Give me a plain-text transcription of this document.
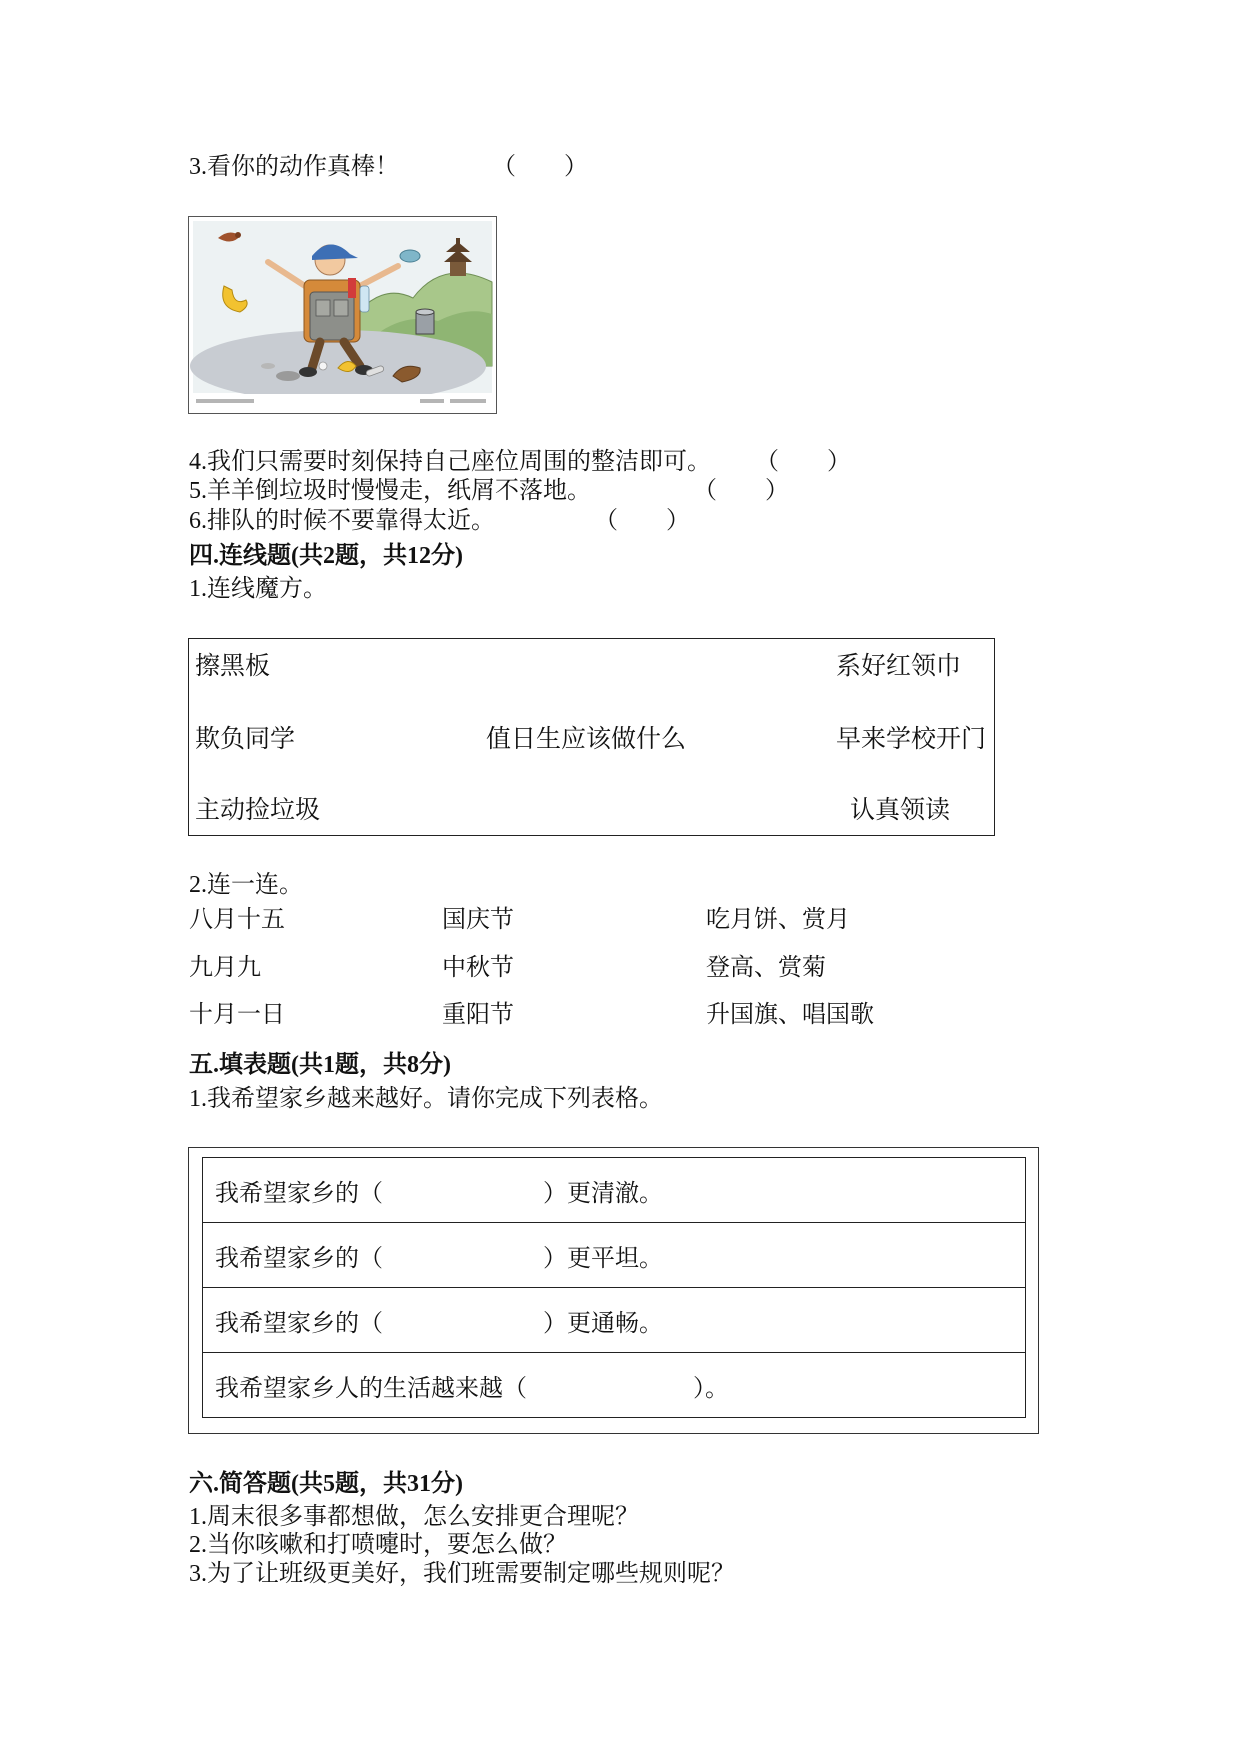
3.看你的动作真棒！	（　　）
4.我们只需要时刻保持自己座位周围的整洁即可。 （　　）
5.羊羊倒垃圾时慢慢走，纸屑不落地。	（　　）
6.排队的时候不要靠得太近。	（　　）
四.连线题(共2题，共12分)
1.连线魔方。
擦黑板	系好红领巾
欺负同学	值日生应该做什么	早来学校开门
主动捡垃圾	认真领读
2.连一连。
八月十五	国庆节	吃月饼、赏月
九月九	中秋节	登高、赏菊
十月一日	重阳节	升国旗、唱国歌
五.填表题(共1题，共8分)
1.我希望家乡越来越好。请你完成下列表格。
我希望家乡的（	）更清澈。
我希望家乡的（	）更平坦。
我希望家乡的（	）更通畅。
我希望家乡人的生活越来越（	）。
六.简答题(共5题，共31分)
1.周末很多事都想做，怎么安排更合理呢？
2.当你咳嗽和打喷嚏时，要怎么做？
3.为了让班级更美好，我们班需要制定哪些规则呢？
